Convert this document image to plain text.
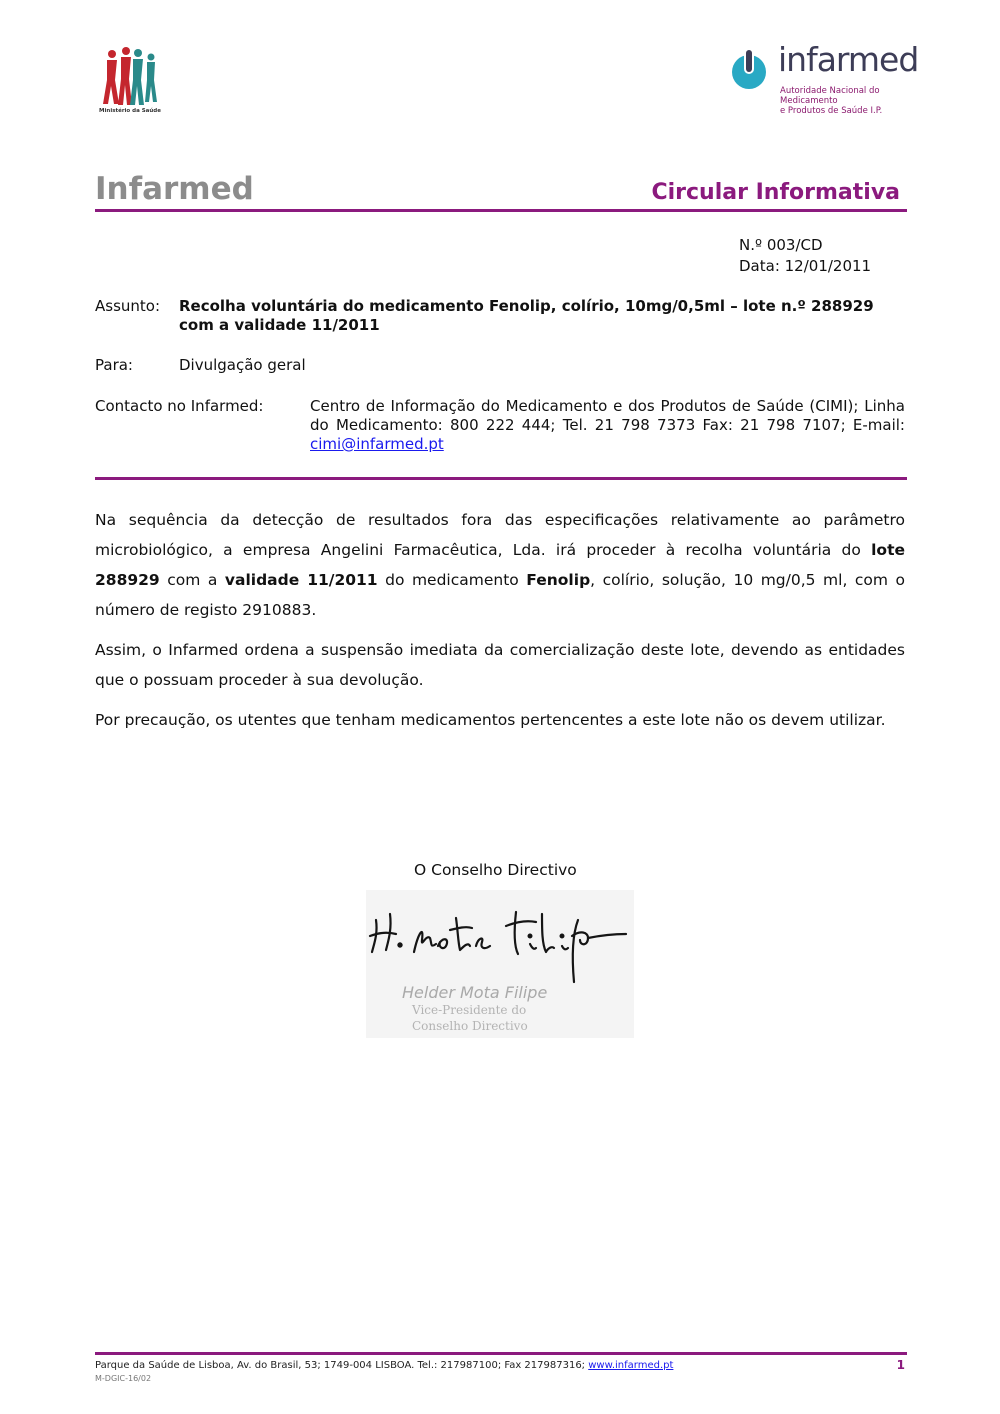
Ministério da Saúde
infarmed
Autoridade Nacional do Medicamento
e Produtos de Saúde I.P.
Infarmed	Circular Informativa
N.º 003/CD
Data: 12/01/2011
Assunto: Recolha voluntária do medicamento Fenolip, colírio, 10mg/0,5ml – lote n.º 288929 com a validade 11/2011
Para:	Divulgação geral
Contacto no Infarmed:	Centro de Informação do Medicamento e dos Produtos de Saúde (CIMI); Linha do Medicamento: 800 222 444; Tel. 21 798 7373 Fax: 21 798 7107; E-mail: cimi@infarmed.pt
Na sequência da detecção de resultados fora das especificações relativamente ao parâmetro microbiológico, a empresa Angelini Farmacêutica, Lda. irá proceder à recolha voluntária do lote 288929 com a validade 11/2011 do medicamento Fenolip, colírio, solução, 10 mg/0,5 ml, com o número de registo 2910883.
Assim, o Infarmed ordena a suspensão imediata da comercialização deste lote, devendo as entidades que o possuam proceder à sua devolução.
Por precaução, os utentes que tenham medicamentos pertencentes a este lote não os devem utilizar.
O Conselho Directivo
Helder Mota Filipe
Vice-Presidente do
Conselho Directivo
Parque da Saúde de Lisboa, Av. do Brasil, 53; 1749-004 LISBOA. Tel.: 217987100; Fax 217987316; www.infarmed.pt
M-DGIC-16/02
1
